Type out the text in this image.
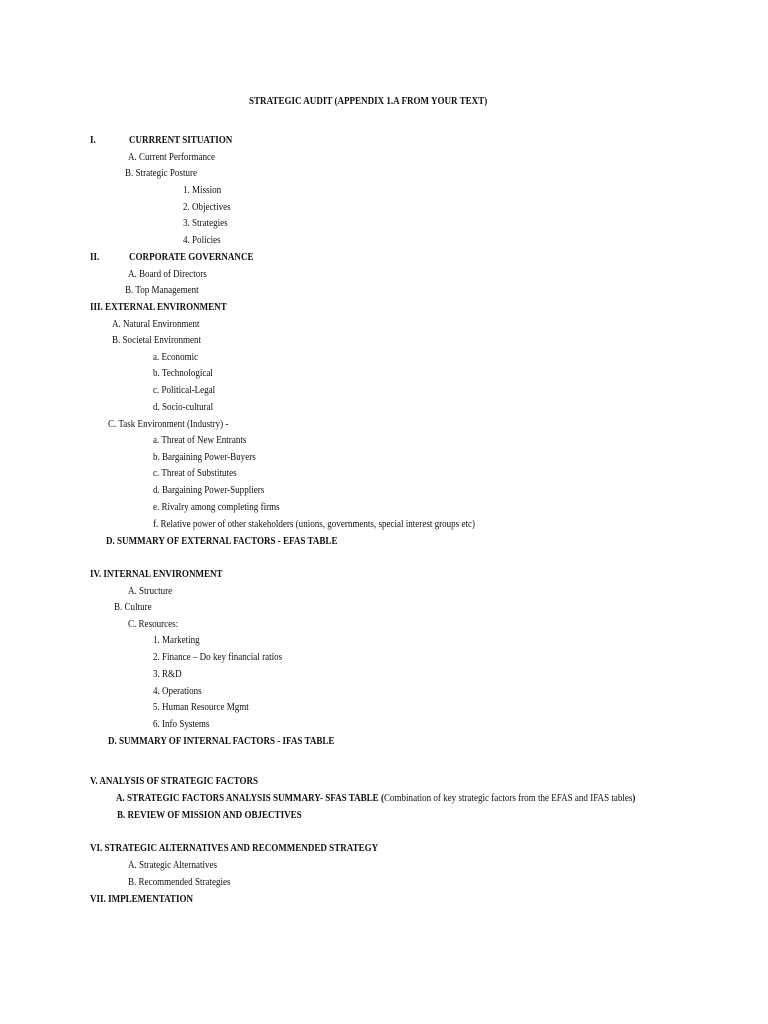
STRATEGIC AUDIT (APPENDIX 1.A FROM YOUR TEXT)
I.	CURRRENT SITUATION
A. Current Performance
B. Strategic Posture
1. Mission
2. Objectives
3. Strategies
4. Policies
II.	CORPORATE GOVERNANCE
A. Board of Directors
B. Top Management
III. EXTERNAL ENVIRONMENT
A. Natural Environment
B. Societal Environment
a. Economic
b. Technological
c. Political-Legal
d. Socio-cultural
C. Task Environment (Industry) -
a. Threat of New Entrants
b. Bargaining Power-Buyers
c. Threat of Substitutes
d. Bargaining Power-Suppliers
e. Rivalry among completing firms
f. Relative power of other stakeholders (unions, governments, special interest groups etc)
D. SUMMARY OF EXTERNAL FACTORS - EFAS TABLE
IV. INTERNAL ENVIRONMENT
A. Structure
B. Culture
C. Resources:
1. Marketing
2. Finance – Do key financial ratios
3. R&D
4. Operations
5. Human Resource Mgmt
6. Info Systems
D. SUMMARY OF INTERNAL FACTORS - IFAS TABLE
V. ANALYSIS OF STRATEGIC FACTORS
A. STRATEGIC FACTORS ANALYSIS SUMMARY- SFAS TABLE (Combination of key strategic factors from the EFAS and IFAS tables)
B. REVIEW OF MISSION AND OBJECTIVES
VI. STRATEGIC ALTERNATIVES AND RECOMMENDED STRATEGY
A. Strategic Alternatives
B. Recommended Strategies
VII. IMPLEMENTATION
